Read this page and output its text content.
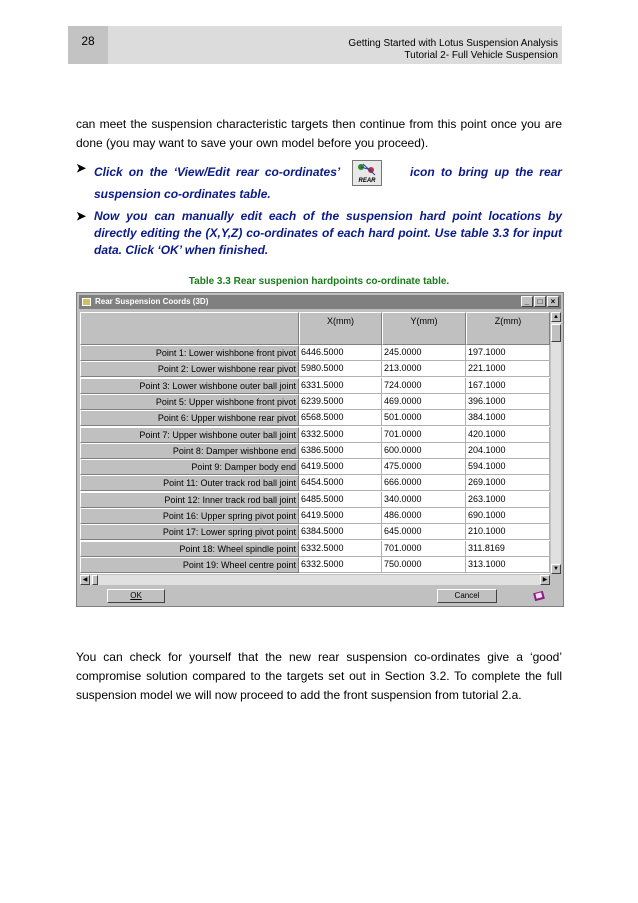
28	Getting Started with Lotus Suspension Analysis
Tutorial 2- Full Vehicle Suspension
can meet the suspension characteristic targets then continue from this point once you are done (you may want to save your own model before you proceed).
➤ Click on the ‘View/Edit rear co-ordinates’
REAR
icon to bring up the rear suspension co-ordinates table.
➤ Now you can manually edit each of the suspension hard point locations by directly editing the (X,Y,Z) co-ordinates of each hard point. Use table 3.3 for input data. Click ‘OK’ when finished.
Table 3.3 Rear suspenion hardpoints co-ordinate table.
Rear Suspension Coords (3D)	_	□	×
X(mm)	Y(mm)	Z(mm)
Point 1: Lower wishbone front pivot 6446.5000	245.0000	197.1000
Point 2: Lower wishbone rear pivot 5980.5000	213.0000	221.1000
Point 3: Lower wishbone outer ball joint 6331.5000	724.0000	167.1000
Point 5: Upper wishbone front pivot 6239.5000	469.0000	396.1000
Point 6: Upper wishbone rear pivot 6568.5000	501.0000	384.1000
Point 7: Upper wishbone outer ball joint 6332.5000	701.0000	420.1000
Point 8: Damper wishbone end 6386.5000	600.0000	204.1000
Point 9: Damper body end 6419.5000	475.0000	594.1000
Point 11: Outer track rod ball joint 6454.5000	666.0000	269.1000
Point 12: Inner track rod ball joint 6485.5000	340.0000	263.1000
Point 16: Upper spring pivot point 6419.5000	486.0000	690.1000
Point 17: Lower spring pivot point 6384.5000	645.0000	210.1000
Point 18: Wheel spindle point 6332.5000	701.0000	311.8169
Point 19: Wheel centre point 6332.5000	750.0000	313.1000
▲
▼
◀	▶
OK	Cancel
You can check for yourself that the new rear suspension co-ordinates give a ‘good’ compromise solution compared to the targets set out in Section 3.2. To complete the full suspension model we will now proceed to add the front suspension from tutorial 2.a.
